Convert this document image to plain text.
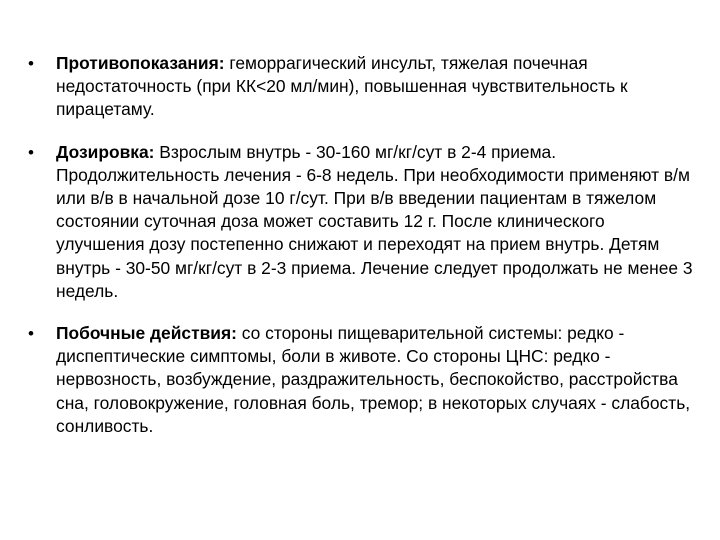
•	Противопоказания: геморрагический инсульт, тяжелая почечная недостаточность (при КК<20 мл/мин), повышенная чувствительность к пирацетаму.
•	Дозировка: Взрослым внутрь - 30-160 мг/кг/сут в 2-4 приема. Продолжительность лечения - 6-8 недель. При необходимости применяют в/м или в/в в начальной дозе 10 г/сут. При в/в введении пациентам в тяжелом состоянии суточная доза может составить 12 г. После клинического улучшения дозу постепенно снижают и переходят на прием внутрь. Детям внутрь - 30-50 мг/кг/сут в 2-3 приема. Лечение следует продолжать не менее 3 недель.
•	Побочные действия: со стороны пищеварительной системы: редко - диспептические симптомы, боли в животе. Со стороны ЦНС: редко - нервозность, возбуждение, раздражительность, беспокойство, расстройства сна, головокружение, головная боль, тремор; в некоторых случаях - слабость, сонливость.
